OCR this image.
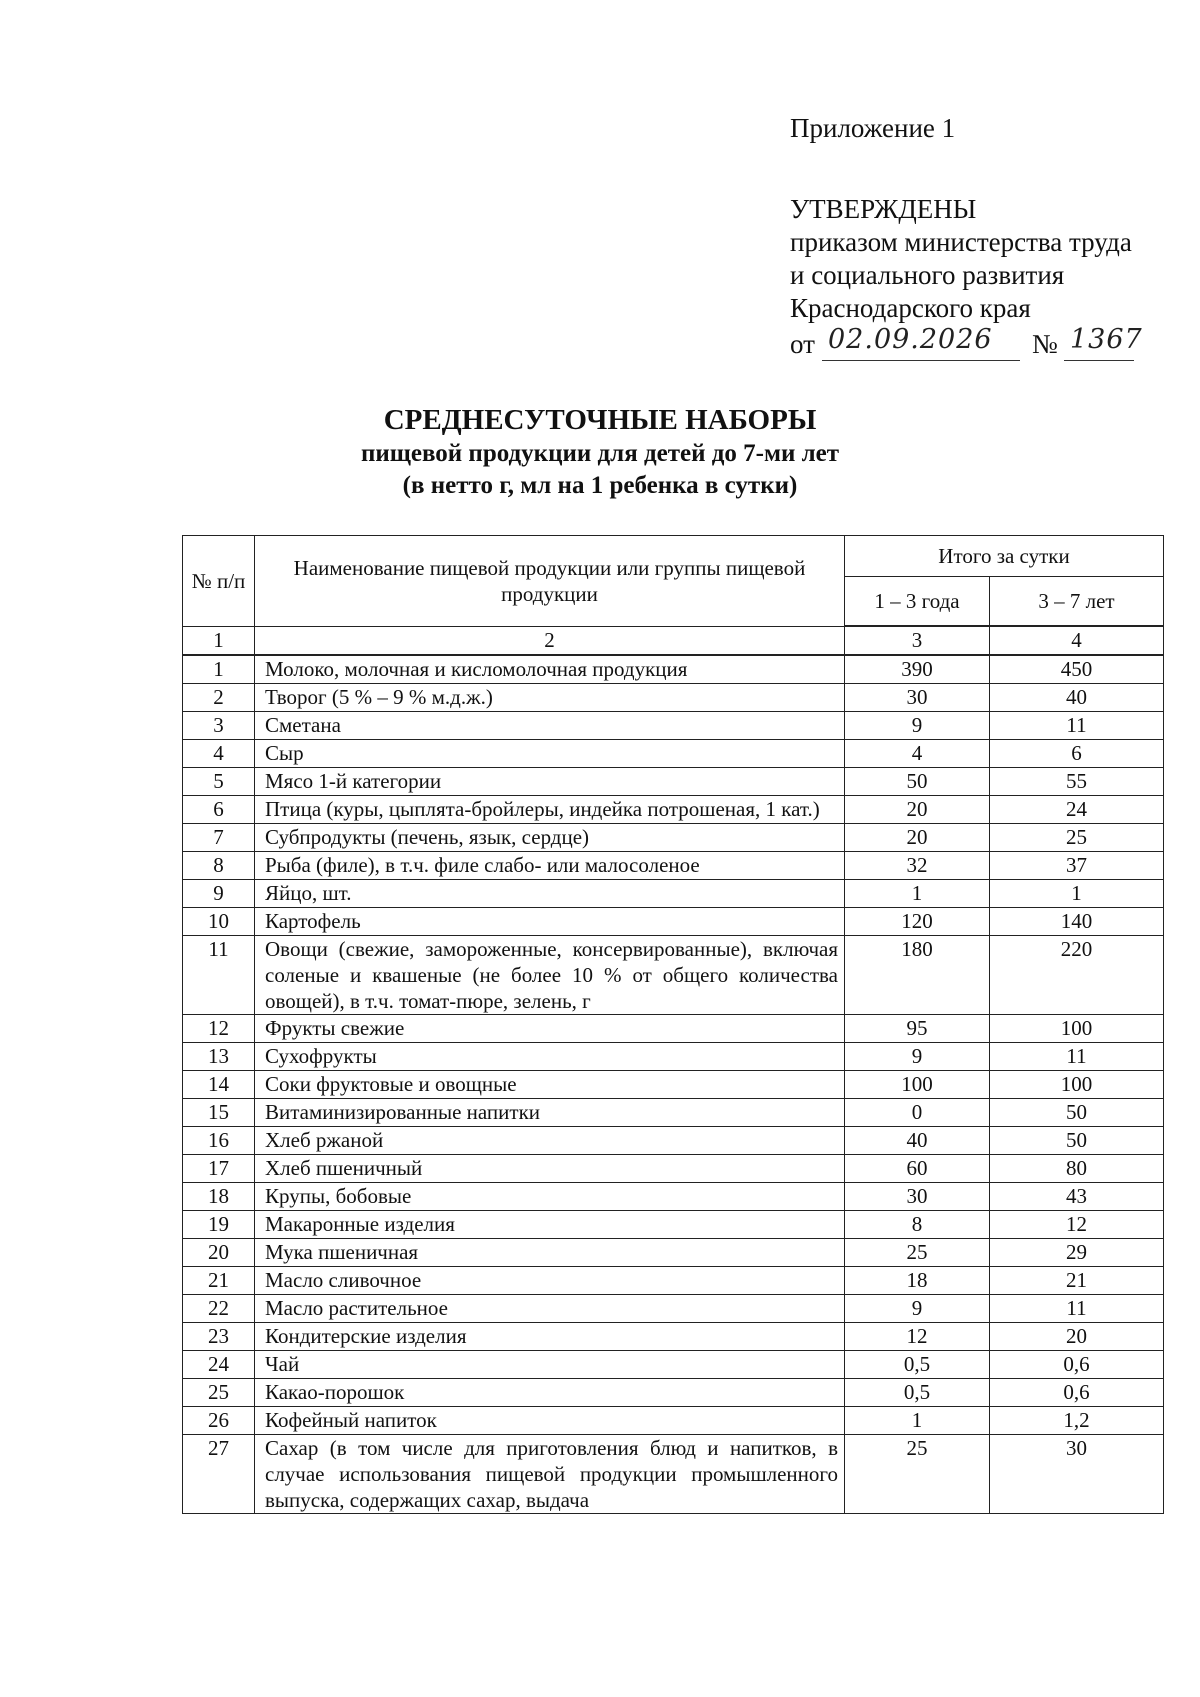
Приложение 1
УТВЕРЖДЕНЫ
приказом министерства труда
и социального развития
Краснодарского края
от 02.09.2026 № 1367
СРЕДНЕСУТОЧНЫЕ НАБОРЫ
пищевой продукции для детей до 7-ми лет
(в нетто г, мл на 1 ребенка в сутки)
№ п/п	Наименование пищевой продукции или группы пищевой продукции	Итого за сутки	
		1 – 3 года	3 – 7 лет
1	2	3	4
1	Молоко, молочная и кисломолочная продукция	390	450
2	Творог (5 % – 9 % м.д.ж.)	30	40
3	Сметана	9	11
4	Сыр	4	6
5	Мясо 1-й категории	50	55
6	Птица (куры, цыплята-бройлеры, индейка потрошеная, 1 кат.)	20	24
7	Субпродукты (печень, язык, сердце)	20	25
8	Рыба (филе), в т.ч. филе слабо- или малосоленое	32	37
9	Яйцо, шт.	1	1
10	Картофель	120	140
11	Овощи (свежие, замороженные, консервированные), включая соленые и квашеные (не более 10 % от общего количества овощей), в т.ч. томат-пюре, зелень, г	180	220
12	Фрукты свежие	95	100
13	Сухофрукты	9	11
14	Соки фруктовые и овощные	100	100
15	Витаминизированные напитки	0	50
16	Хлеб ржаной	40	50
17	Хлеб пшеничный	60	80
18	Крупы, бобовые	30	43
19	Макаронные изделия	8	12
20	Мука пшеничная	25	29
21	Масло сливочное	18	21
22	Масло растительное	9	11
23	Кондитерские изделия	12	20
24	Чай	0,5	0,6
25	Какао-порошок	0,5	0,6
26	Кофейный напиток	1	1,2
27	Сахар (в том числе для приготовления блюд и напитков, в случае использования пищевой продукции промышленного выпуска, содержащих сахар, выдача	25	30
